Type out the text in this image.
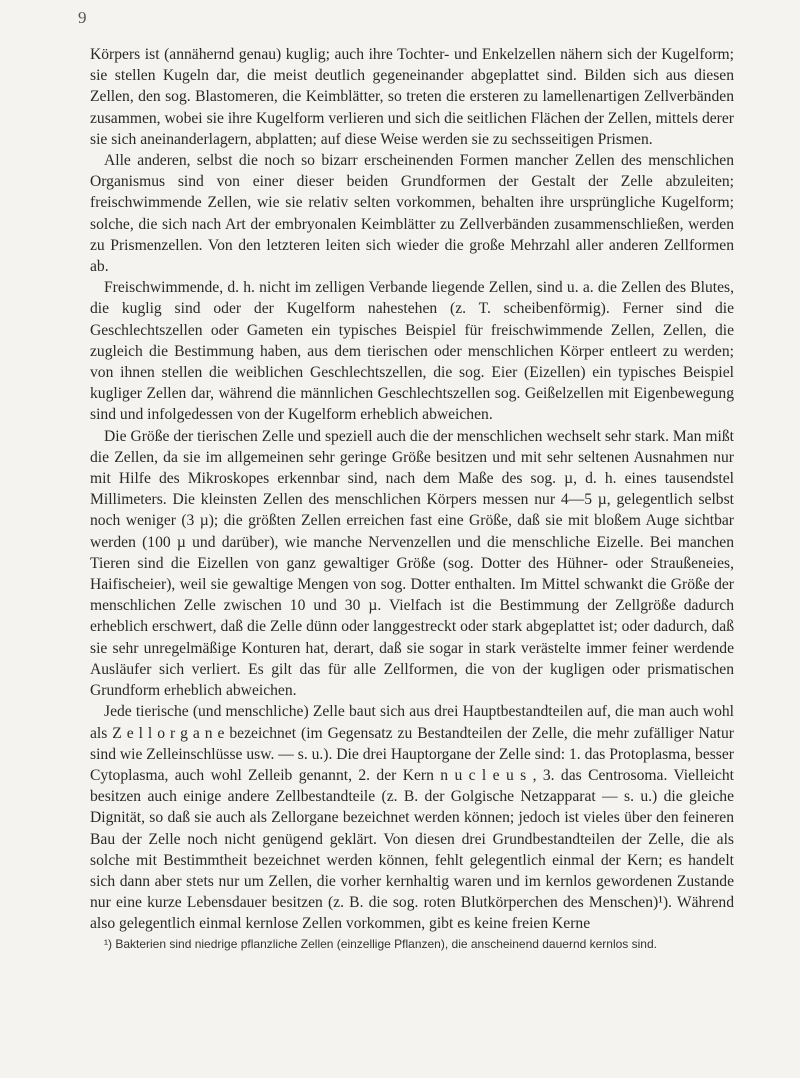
9

Körpers ist (annähernd genau) kuglig; auch ihre Tochter- und Enkelzellen nähern sich der Kugelform; sie stellen Kugeln dar, die meist deutlich gegeneinander abgeplattet sind. Bilden sich aus diesen Zellen, den sog. Blastomeren, die Keimblätter, so treten die ersteren zu lamellenartigen Zellverbänden zusammen, wobei sie ihre Kugelform verlieren und sich die seitlichen Flächen der Zellen, mittels derer sie sich aneinanderlagern, abplatten; auf diese Weise werden sie zu sechsseitigen Prismen.

Alle anderen, selbst die noch so bizarr erscheinenden Formen mancher Zellen des menschlichen Organismus sind von einer dieser beiden Grundformen der Gestalt der Zelle abzuleiten; freischwimmende Zellen, wie sie relativ selten vorkommen, behalten ihre ursprüngliche Kugelform; solche, die sich nach Art der embryonalen Keimblätter zu Zellverbänden zusammenschließen, werden zu Prismenzellen. Von den letzteren leiten sich wieder die große Mehrzahl aller anderen Zellformen ab.

Freischwimmende, d. h. nicht im zelligen Verbande liegende Zellen, sind u. a. die Zellen des Blutes, die kuglig sind oder der Kugelform nahestehen (z. T. scheibenförmig). Ferner sind die Geschlechtszellen oder Gameten ein typisches Beispiel für freischwimmende Zellen, Zellen, die zugleich die Bestimmung haben, aus dem tierischen oder menschlichen Körper entleert zu werden; von ihnen stellen die weiblichen Geschlechtszellen, die sog. Eier (Eizellen) ein typisches Beispiel kugliger Zellen dar, während die männlichen Geschlechtszellen sog. Geißelzellen mit Eigenbewegung sind und infolgedessen von der Kugelform erheblich abweichen.

Die Größe der tierischen Zelle und speziell auch die der menschlichen wechselt sehr stark. Man mißt die Zellen, da sie im allgemeinen sehr geringe Größe besitzen und mit sehr seltenen Ausnahmen nur mit Hilfe des Mikroskopes erkennbar sind, nach dem Maße des sog. µ, d. h. eines tausendstel Millimeters. Die kleinsten Zellen des menschlichen Körpers messen nur 4—5 µ, gelegentlich selbst noch weniger (3 µ); die größten Zellen erreichen fast eine Größe, daß sie mit bloßem Auge sichtbar werden (100 µ und darüber), wie manche Nervenzellen und die menschliche Eizelle. Bei manchen Tieren sind die Eizellen von ganz gewaltiger Größe (sog. Dotter des Hühner- oder Straußeneies, Haifischeier), weil sie gewaltige Mengen von sog. Dotter enthalten. Im Mittel schwankt die Größe der menschlichen Zelle zwischen 10 und 30 µ. Vielfach ist die Bestimmung der Zellgröße dadurch erheblich erschwert, daß die Zelle dünn oder langgestreckt oder stark abgeplattet ist; oder dadurch, daß sie sehr unregelmäßige Konturen hat, derart, daß sie sogar in stark verästelte immer feiner werdende Ausläufer sich verliert. Es gilt das für alle Zellformen, die von der kugligen oder prismatischen Grundform erheblich abweichen.

Jede tierische (und menschliche) Zelle baut sich aus drei Hauptbestandteilen auf, die man auch wohl als Z e l l o r g a n e bezeichnet (im Gegensatz zu Bestandteilen der Zelle, die mehr zufälliger Natur sind wie Zelleinschlüsse usw. — s. u.). Die drei Hauptorgane der Zelle sind: 1. das Protoplasma, besser Cytoplasma, auch wohl Zelleib genannt, 2. der Kern n u c l e u s , 3. das Centrosoma. Vielleicht besitzen auch einige andere Zellbestandteile (z. B. der Golgische Netzapparat — s. u.) die gleiche Dignität, so daß sie auch als Zellorgane bezeichnet werden können; jedoch ist vieles über den feineren Bau der Zelle noch nicht genügend geklärt. Von diesen drei Grundbestandteilen der Zelle, die als solche mit Bestimmtheit bezeichnet werden können, fehlt gelegentlich einmal der Kern; es handelt sich dann aber stets nur um Zellen, die vorher kernhaltig waren und im kernlos gewordenen Zustande nur eine kurze Lebensdauer besitzen (z. B. die sog. roten Blutkörperchen des Menschen)¹). Während also gelegentlich einmal kernlose Zellen vorkommen, gibt es keine freien Kerne

¹) Bakterien sind niedrige pflanzliche Zellen (einzellige Pflanzen), die anscheinend dauernd kernlos sind.
